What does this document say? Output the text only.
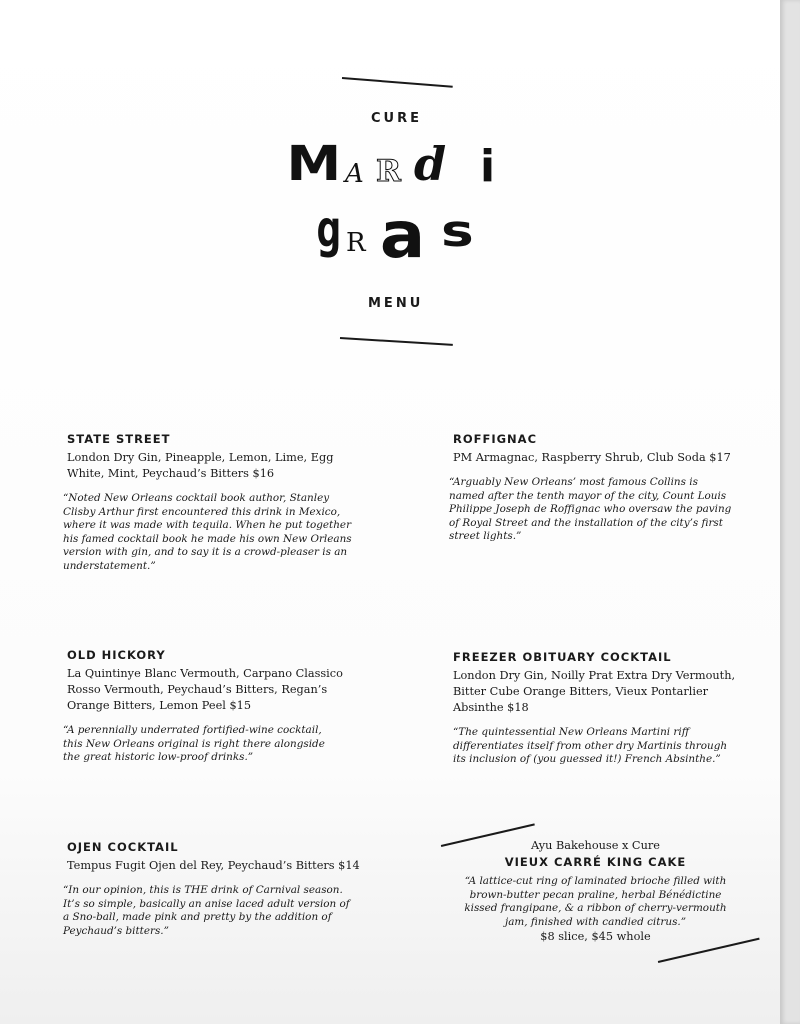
CURE
M A R d i
g R a s
MENU
STATE STREET
London Dry Gin, Pineapple, Lemon, Lime, Egg White, Mint, Peychaud’s Bitters $16
“Noted New Orleans cocktail book author, Stanley Clisby Arthur first encountered this drink in Mexico, where it was made with tequila. When he put together his famed cocktail book he made his own New Orleans version with gin, and to say it is a crowd-pleaser is an understatement.”
OLD HICKORY
La Quintinye Blanc Vermouth, Carpano Classico Rosso Vermouth, Peychaud’s Bitters, Regan’s Orange Bitters, Lemon Peel $15
“A perennially underrated fortified-wine cocktail, this New Orleans original is right there alongside the great historic low-proof drinks.”
OJEN COCKTAIL
Tempus Fugit Ojen del Rey, Peychaud’s Bitters $14
“In our opinion, this is THE drink of Carnival season. It’s so simple, basically an anise laced adult version of a Sno-ball, made pink and pretty by the addition of Peychaud’s bitters.”
ROFFIGNAC
PM Armagnac, Raspberry Shrub, Club Soda $17
“Arguably New Orleans’ most famous Collins is named after the tenth mayor of the city, Count Louis Philippe Joseph de Roffignac who oversaw the paving of Royal Street and the installation of the city’s first street lights.”
FREEZER OBITUARY COCKTAIL
London Dry Gin, Noilly Prat Extra Dry Vermouth, Bitter Cube Orange Bitters, Vieux Pontarlier Absinthe $18
“The quintessential New Orleans Martini riff differentiates itself from other dry Martinis through its inclusion of (you guessed it!) French Absinthe.”
Ayu Bakehouse x Cure
VIEUX CARRÉ KING CAKE
“A lattice-cut ring of laminated brioche filled with brown-butter pecan praline, herbal Bénédictine kissed frangipane, & a ribbon of cherry-vermouth jam, finished with candied citrus.”
$8 slice, $45 whole
